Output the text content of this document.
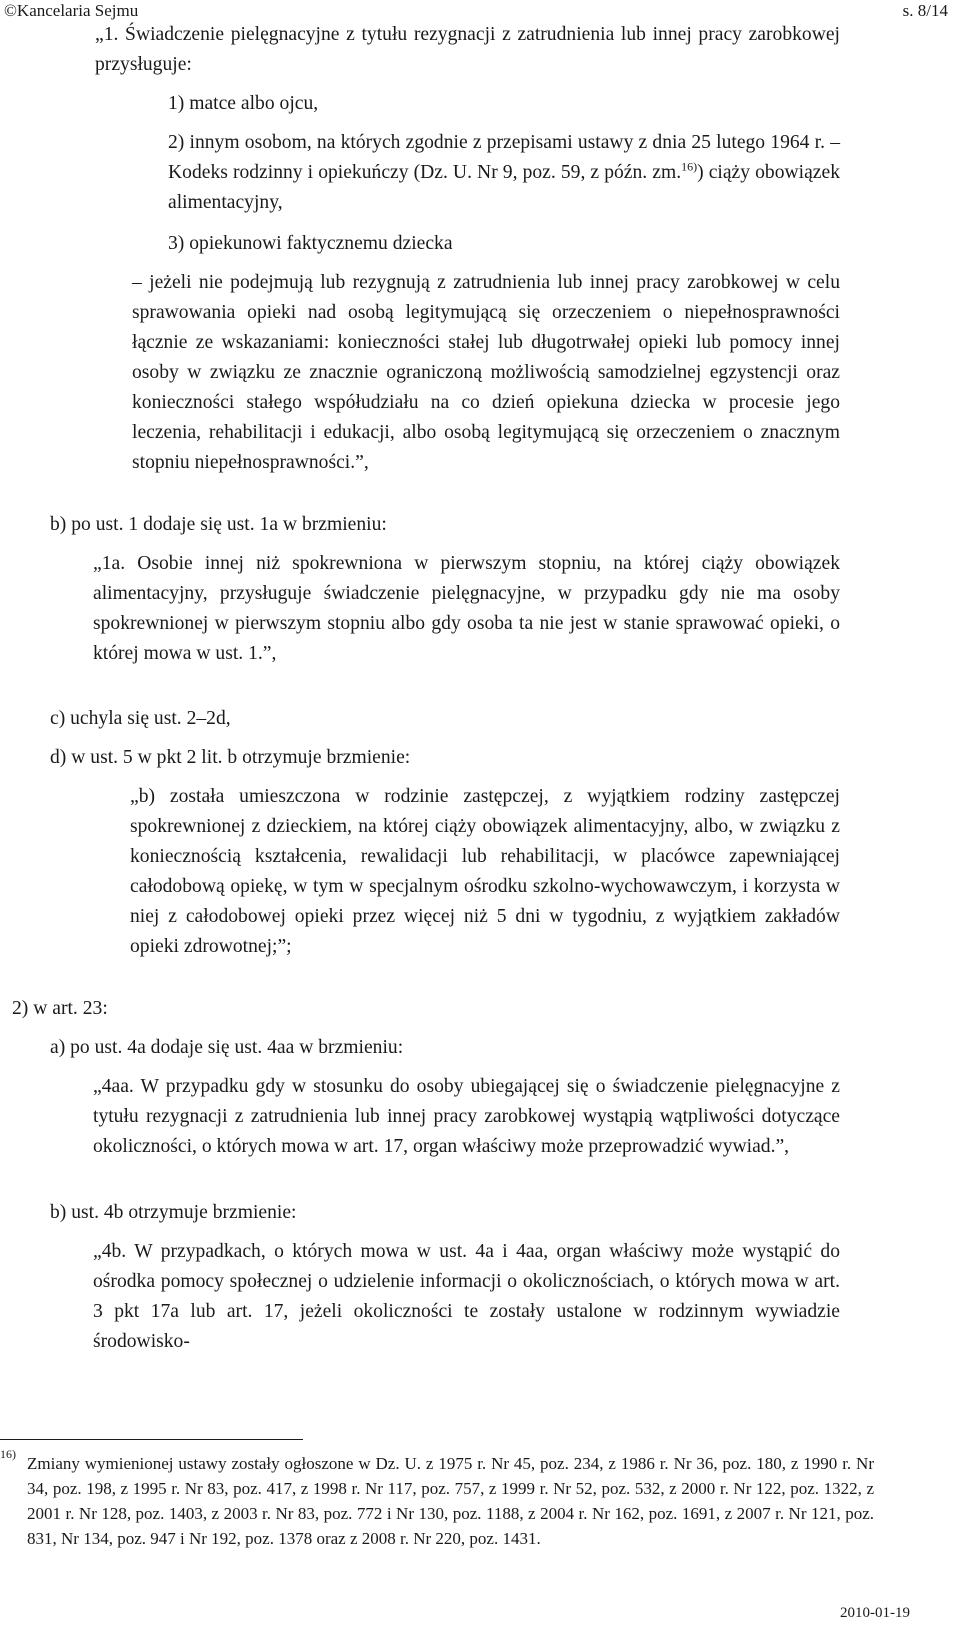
©Kancelaria Sejmu	s. 8/14
„1. Świadczenie pielęgnacyjne z tytułu rezygnacji z zatrudnienia lub innej pracy zarobkowej przysługuje:
1) matce albo ojcu,
2) innym osobom, na których zgodnie z przepisami ustawy z dnia 25 lutego 1964 r. – Kodeks rodzinny i opiekuńczy (Dz. U. Nr 9, poz. 59, z późn. zm.$^{16)}$) ciąży obowiązek alimentacyjny,
3) opiekunowi faktycznemu dziecka
– jeżeli nie podejmują lub rezygnują z zatrudnienia lub innej pracy zarobkowej w celu sprawowania opieki nad osobą legitymującą się orzeczeniem o niepełnosprawności łącznie ze wskazaniami: konieczności stałej lub długotrwałej opieki lub pomocy innej osoby w związku ze znacznie ograniczoną możliwością samodzielnej egzystencji oraz konieczności stałego współudziału na co dzień opiekuna dziecka w procesie jego leczenia, rehabilitacji i edukacji, albo osobą legitymującą się orzeczeniem o znacznym stopniu niepełnosprawności.”,
b) po ust. 1 dodaje się ust. 1a w brzmieniu:
„1a. Osobie innej niż spokrewniona w pierwszym stopniu, na której ciąży obowiązek alimentacyjny, przysługuje świadczenie pielęgnacyjne, w przypadku gdy nie ma osoby spokrewnionej w pierwszym stopniu albo gdy osoba ta nie jest w stanie sprawować opieki, o której mowa w ust. 1.”,
c) uchyla się ust. 2–2d,
d) w ust. 5 w pkt 2 lit. b otrzymuje brzmienie:
„b) została umieszczona w rodzinie zastępczej, z wyjątkiem rodziny zastępczej spokrewnionej z dzieckiem, na której ciąży obowiązek alimentacyjny, albo, w związku z koniecznością kształcenia, rewalidacji lub rehabilitacji, w placówce zapewniającej całodobową opiekę, w tym w specjalnym ośrodku szkolno-wychowawczym, i korzysta w niej z całodobowej opieki przez więcej niż 5 dni w tygodniu, z wyjątkiem zakładów opieki zdrowotnej;”;
2) w art. 23:
a) po ust. 4a dodaje się ust. 4aa w brzmieniu:
„4aa. W przypadku gdy w stosunku do osoby ubiegającej się o świadczenie pielęgnacyjne z tytułu rezygnacji z zatrudnienia lub innej pracy zarobkowej wystąpią wątpliwości dotyczące okoliczności, o których mowa w art. 17, organ właściwy może przeprowadzić wywiad.”,
b) ust. 4b otrzymuje brzmienie:
„4b. W przypadkach, o których mowa w ust. 4a i 4aa, organ właściwy może wystąpić do ośrodka pomocy społecznej o udzielenie informacji o okolicznościach, o których mowa w art. 3 pkt 17a lub art. 17, jeżeli okoliczności te zostały ustalone w rodzinnym wywiadzie środowisko-
16) Zmiany wymienionej ustawy zostały ogłoszone w Dz. U. z 1975 r. Nr 45, poz. 234, z 1986 r. Nr 36, poz. 180, z 1990 r. Nr 34, poz. 198, z 1995 r. Nr 83, poz. 417, z 1998 r. Nr 117, poz. 757, z 1999 r. Nr 52, poz. 532, z 2000 r. Nr 122, poz. 1322, z 2001 r. Nr 128, poz. 1403, z 2003 r. Nr 83, poz. 772 i Nr 130, poz. 1188, z 2004 r. Nr 162, poz. 1691, z 2007 r. Nr 121, poz. 831, Nr 134, poz. 947 i Nr 192, poz. 1378 oraz z 2008 r. Nr 220, poz. 1431.
2010-01-19
